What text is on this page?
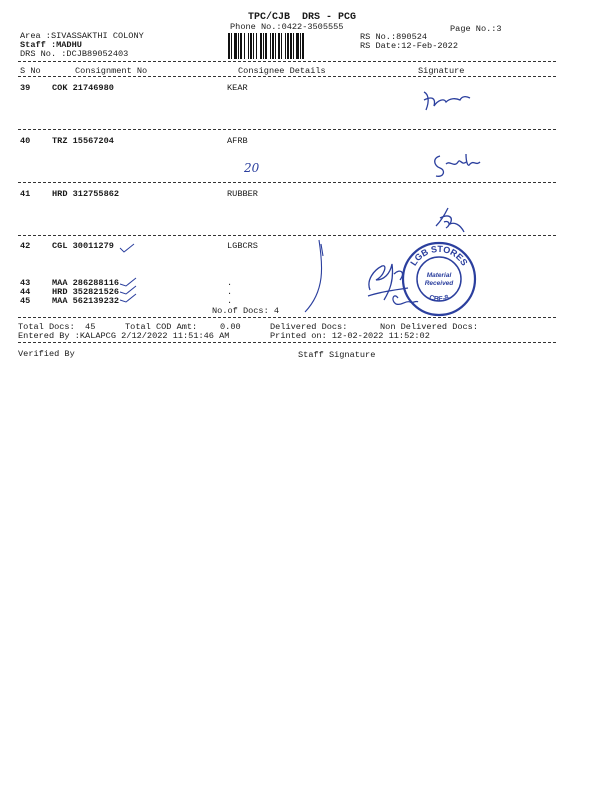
TPC/CJB  DRS - PCG
Phone No.:0422-3505555	Page No.:3
Area :SIVASSAKTHI COLONY
Staff :MADHU
DRS No. :DCJB89052403
RS No.:890524
RS Date:12-Feb-2022
S No	Consignment No	Consignee Details	Signature
39	COK 21746980	KEAR
40	TRZ 15567204	AFRB
20
41	HRD 312755862	RUBBER
42	CGL 30011279	LGBCRS
43	MAA 286288116	.
44	HRD 352821526	.
45	MAA 562139232	.
No.of Docs: 4
Total Docs:  45	Total COD Amt:	0.00	Delivered Docs:	Non Delivered Docs:
Entered By :KALAPCG 2/12/2022 11:51:46 AM	Printed on: 12-02-2022 11:52:02
Verified By	Staff Signature
LGB STORES
CBE-8
Material
Received
